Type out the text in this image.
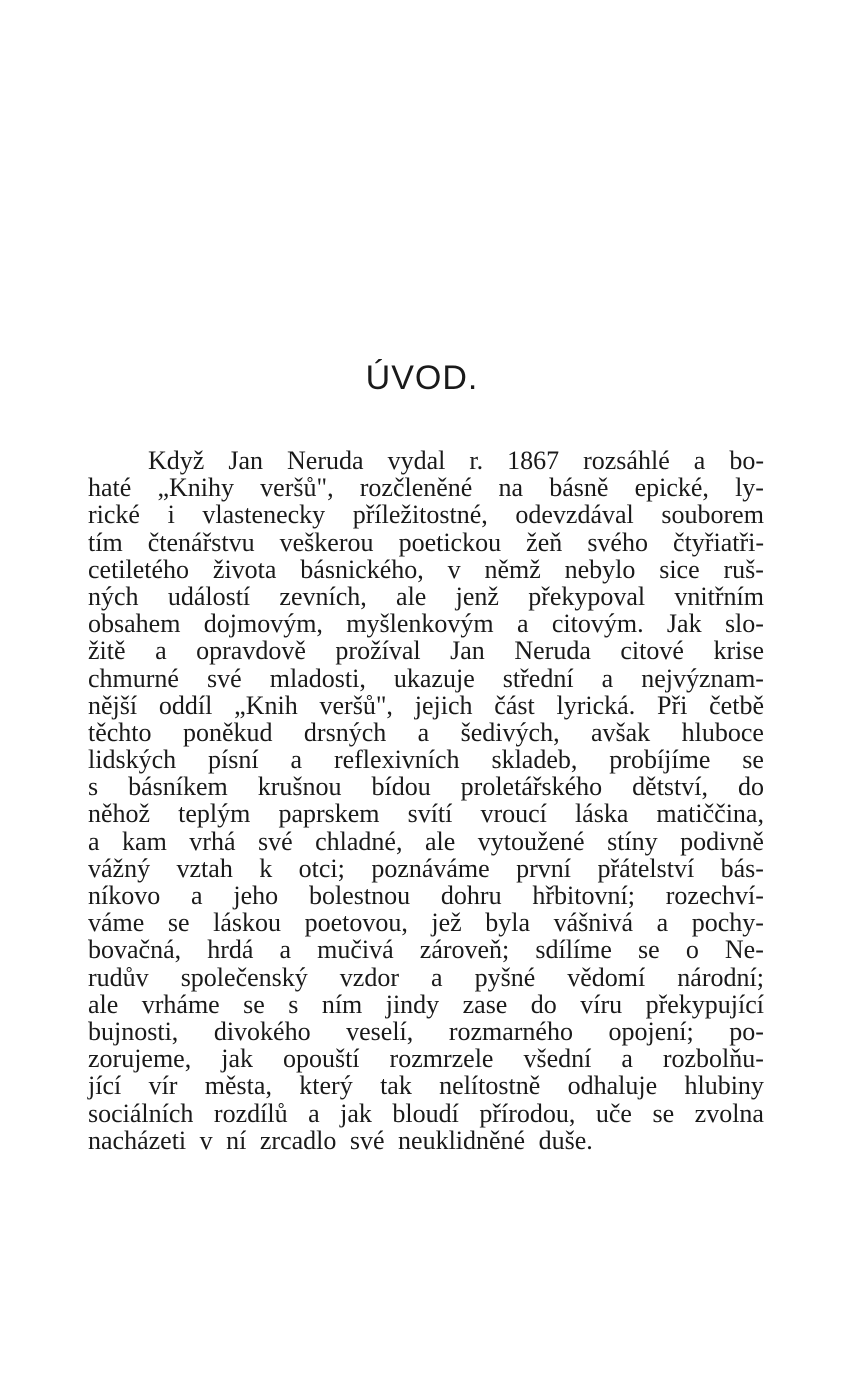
ÚVOD.
Když Jan Neruda vydal r. 1867 rozsáhlé a bo-
haté „Knihy veršů", rozčleněné na básně epické, ly-
rické i vlastenecky příležitostné, odevzdával souborem
tím čtenářstvu veškerou poetickou žeň svého čtyřiatři-
cetiletého života básnického, v němž nebylo sice ruš-
ných událostí zevních, ale jenž překypoval vnitřním
obsahem dojmovým, myšlenkovým a citovým. Jak slo-
žitě a opravdově prožíval Jan Neruda citové krise
chmurné své mladosti, ukazuje střední a nejvýznam-
nější oddíl „Knih veršů", jejich část lyrická. Při četbě
těchto poněkud drsných a šedivých, avšak hluboce
lidských písní a reflexivních skladeb, probíjíme se
s básníkem krušnou bídou proletářského dětství, do
něhož teplým paprskem svítí vroucí láska matiččina,
a kam vrhá své chladné, ale vytoužené stíny podivně
vážný vztah k otci; poznáváme první přátelství bás-
níkovo a jeho bolestnou dohru hřbitovní; rozechví-
váme se láskou poetovou, jež byla vášnivá a pochy-
bovačná, hrdá a mučivá zároveň; sdílíme se o Ne-
rudův společenský vzdor a pyšné vědomí národní;
ale vrháme se s ním jindy zase do víru překypující
bujnosti, divokého veselí, rozmarného opojení; po-
zorujeme, jak opouští rozmrzele všední a rozbolňu-
jící vír města, který tak nelítostně odhaluje hlubiny
sociálních rozdílů a jak bloudí přírodou, uče se zvolna
nacházeti v ní zrcadlo své neuklidněné duše.
